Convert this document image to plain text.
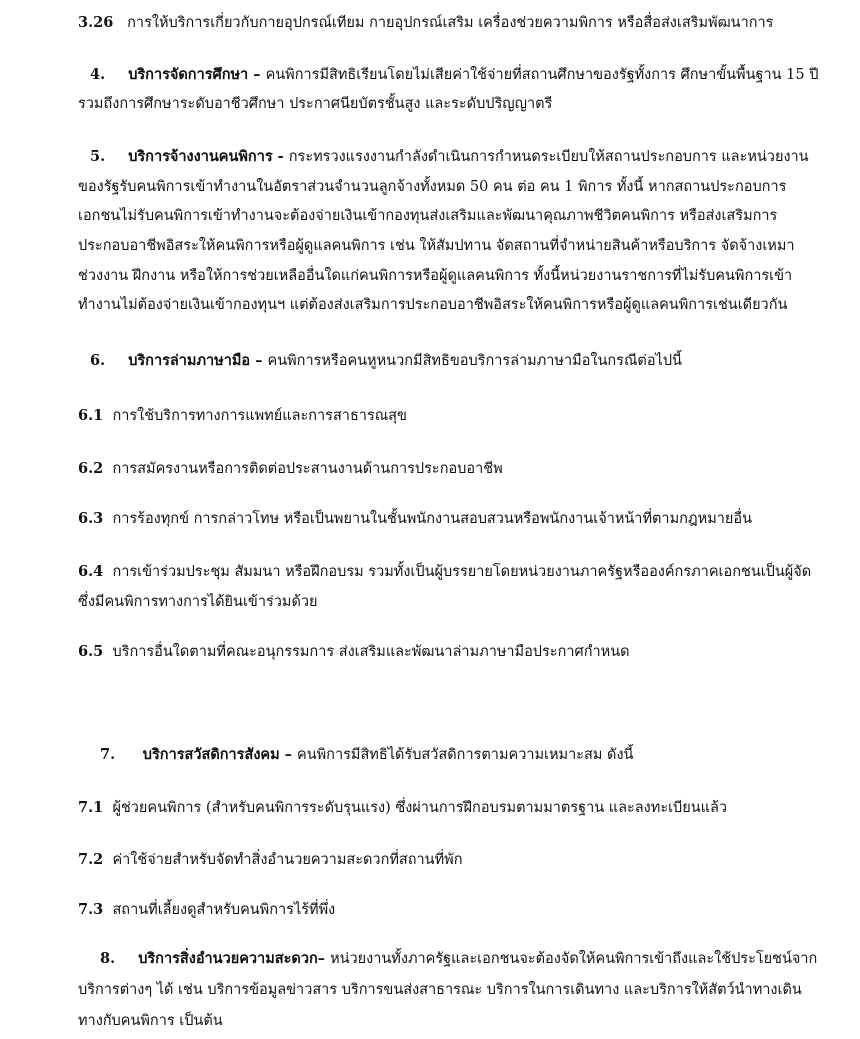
3.26 การให้บริการเกี่ยวกับกายอุปกรณ์เทียม กายอุปกรณ์เสริม เครื่องช่วยความพิการ หรือสื่อส่งเสริมพัฒนาการ
4. บริการจัดการศึกษา – คนพิการมีสิทธิเรียนโดยไม่เสียค่าใช้จ่ายที่สถานศึกษาของรัฐทั้งการ ศึกษาขั้นพื้นฐาน 15 ปี
รวมถึงการศึกษาระดับอาชีวศึกษา ประกาศนียบัตรชั้นสูง และระดับปริญญาตรี
5. บริการจ้างงานคนพิการ - กระทรวงแรงงานกำลังดำเนินการกำหนดระเบียบให้สถานประกอบการ และหน่วยงาน
ของรัฐรับคนพิการเข้าทำงานในอัตราส่วนจำนวนลูกจ้างทั้งหมด 50 คน ต่อ คน 1 พิการ ทั้งนี้ หากสถานประกอบการ
เอกชนไม่รับคนพิการเข้าทำงานจะต้องจ่ายเงินเข้ากองทุนส่งเสริมและพัฒนาคุณภาพชีวิตคนพิการ หรือส่งเสริมการ
ประกอบอาชีพอิสระให้คนพิการหรือผู้ดูแลคนพิการ เช่น ให้สัมปทาน จัดสถานที่จำหน่ายสินค้าหรือบริการ จัดจ้างเหมา
ช่วงงาน ฝึกงาน หรือให้การช่วยเหลืออื่นใดแก่คนพิการหรือผู้ดูแลคนพิการ ทั้งนี้หน่วยงานราชการที่ไม่รับคนพิการเข้า
ทำงานไม่ต้องจ่ายเงินเข้ากองทุนฯ แต่ต้องส่งเสริมการประกอบอาชีพอิสระให้คนพิการหรือผู้ดูแลคนพิการเช่นเดียวกัน
6. บริการล่ามภาษามือ – คนพิการหรือคนหูหนวกมีสิทธิขอบริการล่ามภาษามือในกรณีต่อไปนี้
6.1 การใช้บริการทางการแพทย์และการสาธารณสุข
6.2 การสมัครงานหรือการติดต่อประสานงานด้านการประกอบอาชีพ
6.3 การร้องทุกข์ การกล่าวโทษ หรือเป็นพยานในชั้นพนักงานสอบสวนหรือพนักงานเจ้าหน้าที่ตามกฎหมายอื่น
6.4 การเข้าร่วมประชุม สัมมนา หรือฝึกอบรม รวมทั้งเป็นผู้บรรยายโดยหน่วยงานภาครัฐหรือองค์กรภาคเอกชนเป็นผู้จัด
ซึ่งมีคนพิการทางการได้ยินเข้าร่วมด้วย
6.5 บริการอื่นใดตามที่คณะอนุกรรมการ ส่งเสริมและพัฒนาล่ามภาษามือประกาศกำหนด
7. บริการสวัสดิการสังคม – คนพิการมีสิทธิได้รับสวัสดิการตามความเหมาะสม ดังนี้
7.1 ผู้ช่วยคนพิการ (สำหรับคนพิการระดับรุนแรง) ซึ่งผ่านการฝึกอบรมตามมาตรฐาน และลงทะเบียนแล้ว
7.2 ค่าใช้จ่ายสำหรับจัดทำสิ่งอำนวยความสะดวกที่สถานที่พัก
7.3 สถานที่เลี้ยงดูสำหรับคนพิการไร้ที่พึ่ง
8. บริการสิ่งอำนวยความสะดวก– หน่วยงานทั้งภาครัฐและเอกชนจะต้องจัดให้คนพิการเข้าถึงและใช้ประโยชน์จาก
บริการต่างๆ ได้ เช่น บริการข้อมูลข่าวสาร บริการขนส่งสาธารณะ บริการในการเดินทาง และบริการให้สัตว์นำทางเดิน
ทางกับคนพิการ เป็นต้น
